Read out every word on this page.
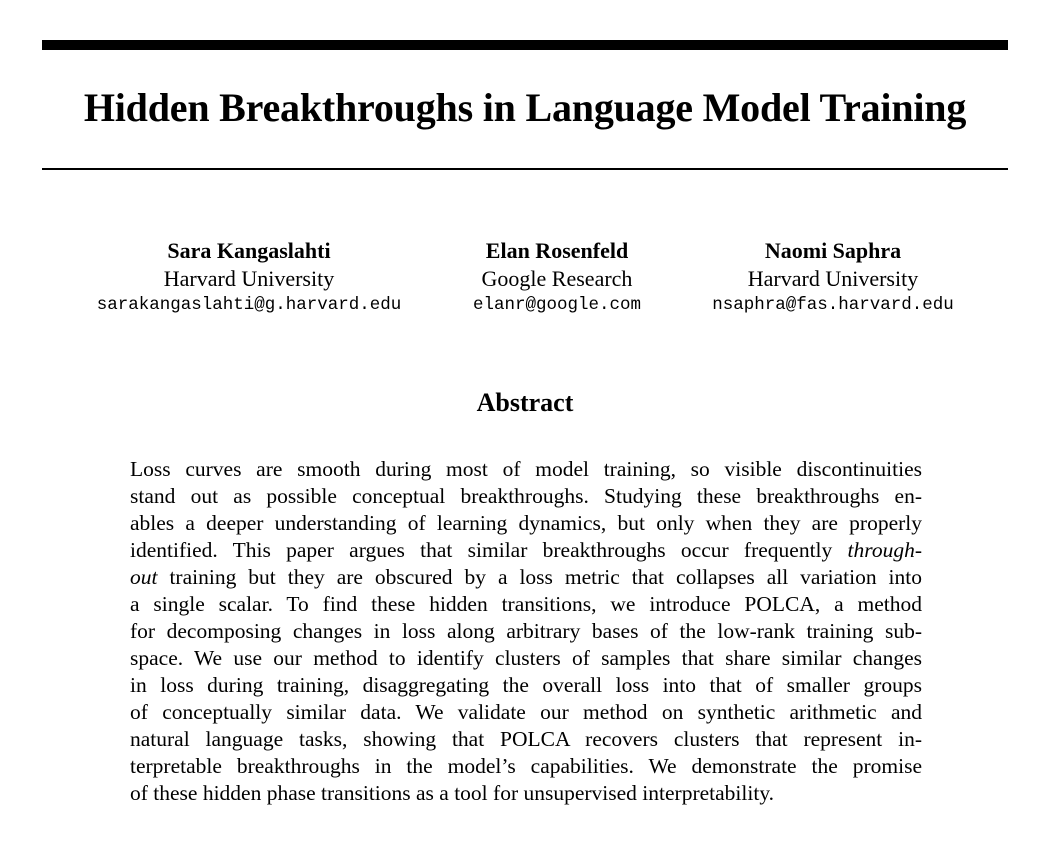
Hidden Breakthroughs in Language Model Training
Sara Kangaslahti
Harvard University
sarakangaslahti@g.harvard.edu
Elan Rosenfeld
Google Research
elanr@google.com
Naomi Saphra
Harvard University
nsaphra@fas.harvard.edu
Abstract
Loss curves are smooth during most of model training, so visible discontinuities
stand out as possible conceptual breakthroughs. Studying these breakthroughs en-
ables a deeper understanding of learning dynamics, but only when they are properly
identified. This paper argues that similar breakthroughs occur frequently through-
out training but they are obscured by a loss metric that collapses all variation into
a single scalar. To find these hidden transitions, we introduce POLCA, a method
for decomposing changes in loss along arbitrary bases of the low-rank training sub-
space. We use our method to identify clusters of samples that share similar changes
in loss during training, disaggregating the overall loss into that of smaller groups
of conceptually similar data. We validate our method on synthetic arithmetic and
natural language tasks, showing that POLCA recovers clusters that represent in-
terpretable breakthroughs in the model’s capabilities. We demonstrate the promise
of these hidden phase transitions as a tool for unsupervised interpretability.
